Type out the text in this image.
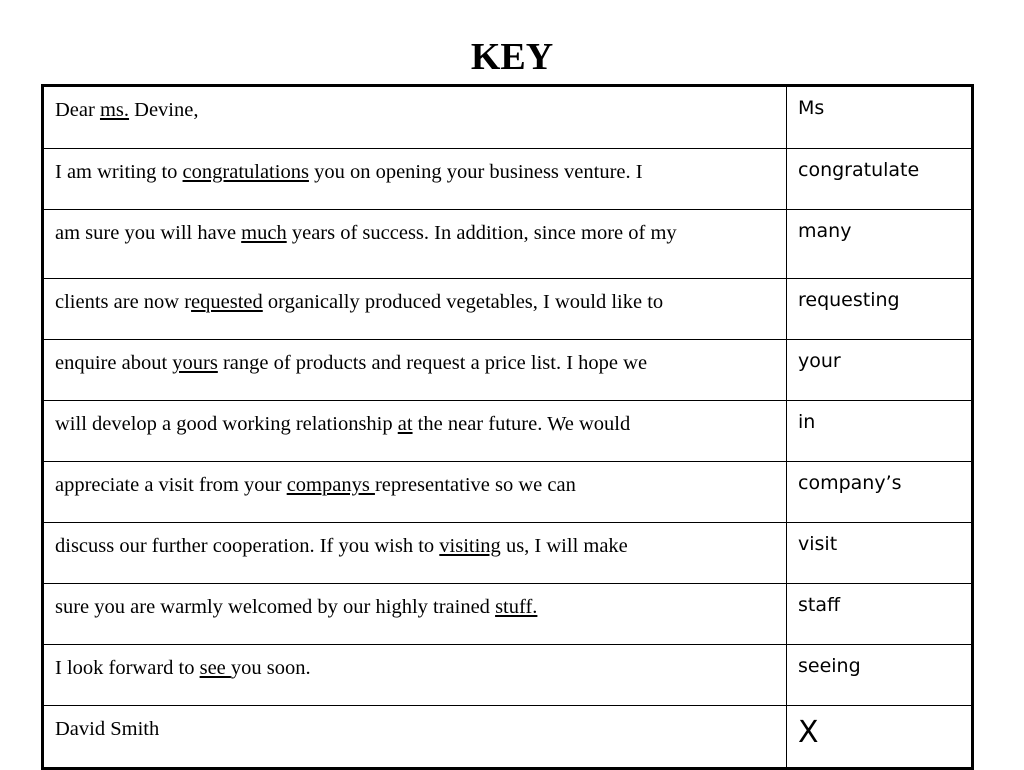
KEY
Dear ms. Devine,	Ms
I am writing to congratulations you on opening your business venture. I	congratulate
am sure you will have much years of success. In addition, since more of my	many
clients are now requested organically produced vegetables, I would like to	requesting
enquire about yours range of products and request a price list. I hope we	your
will develop a good working relationship at the near future. We would	in
appreciate a visit from your companys representative so we can	company’s
discuss our further cooperation. If you wish to visiting us, I will make	visit
sure you are warmly welcomed by our highly trained stuff.	staff
I look forward to see you soon.	seeing
David Smith	X
